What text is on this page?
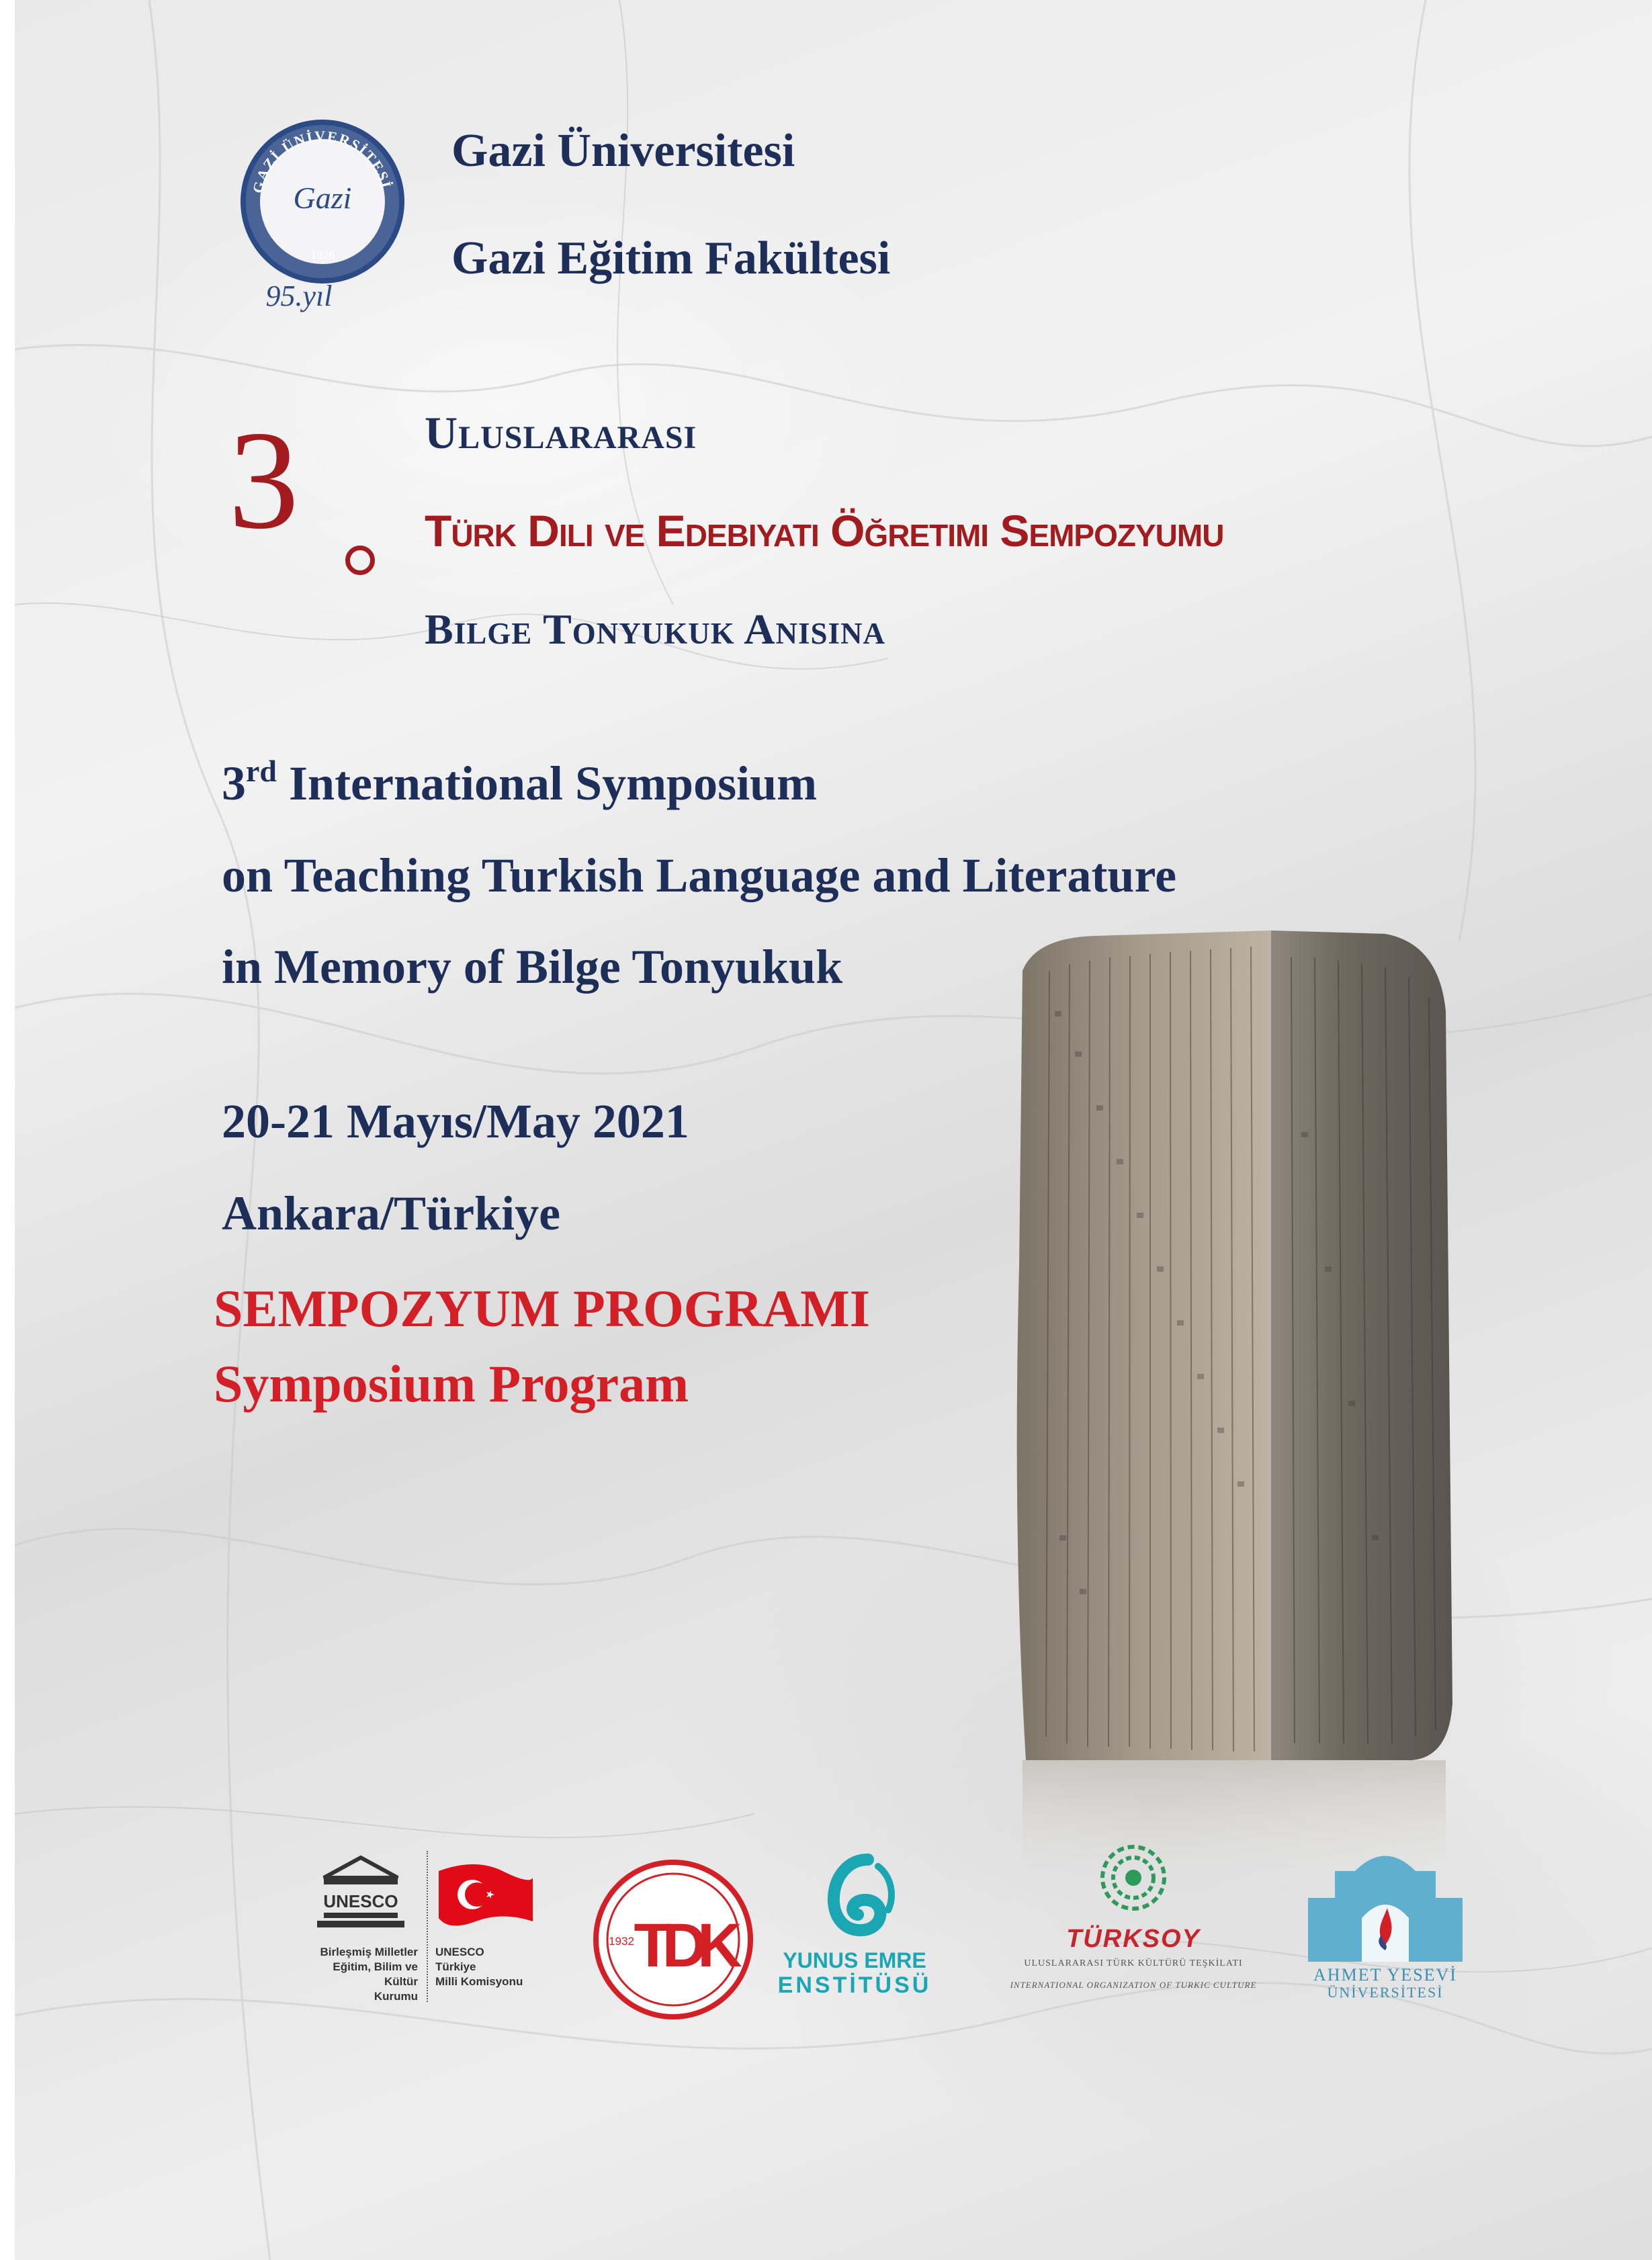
GAZİ ÜNİVERSİTESİ
Gazi
1926
95.yıl
Gazi Üniversitesi
Gazi Eğitim Fakültesi
3	Uluslararası
Türk Dili ve Edebiyatı Öğretimi Sempozyumu
Bilge Tonyukuk Anısına
3rd International Symposium
on Teaching Turkish Language and Literature
in Memory of Bilge Tonyukuk
20-21 Mayıs/May 2021
Ankara/Türkiye
SEMPOZYUM PROGRAMI
Symposium Program
UNESCO
Birleşmiş Milletler
Eğitim, Bilim ve Kültür
Kurumu
UNESCO
Türkiye
Milli Komisyonu
1932 TDK	YUNUS EMRE
ENSTİTÜSÜ
TÜRKSOY
ULUSLARARASI TÜRK KÜLTÜRÜ TEŞKİLATI
INTERNATIONAL ORGANIZATION OF TURKIC CULTURE
AHMET YESEVİ
ÜNİVERSİTESİ
